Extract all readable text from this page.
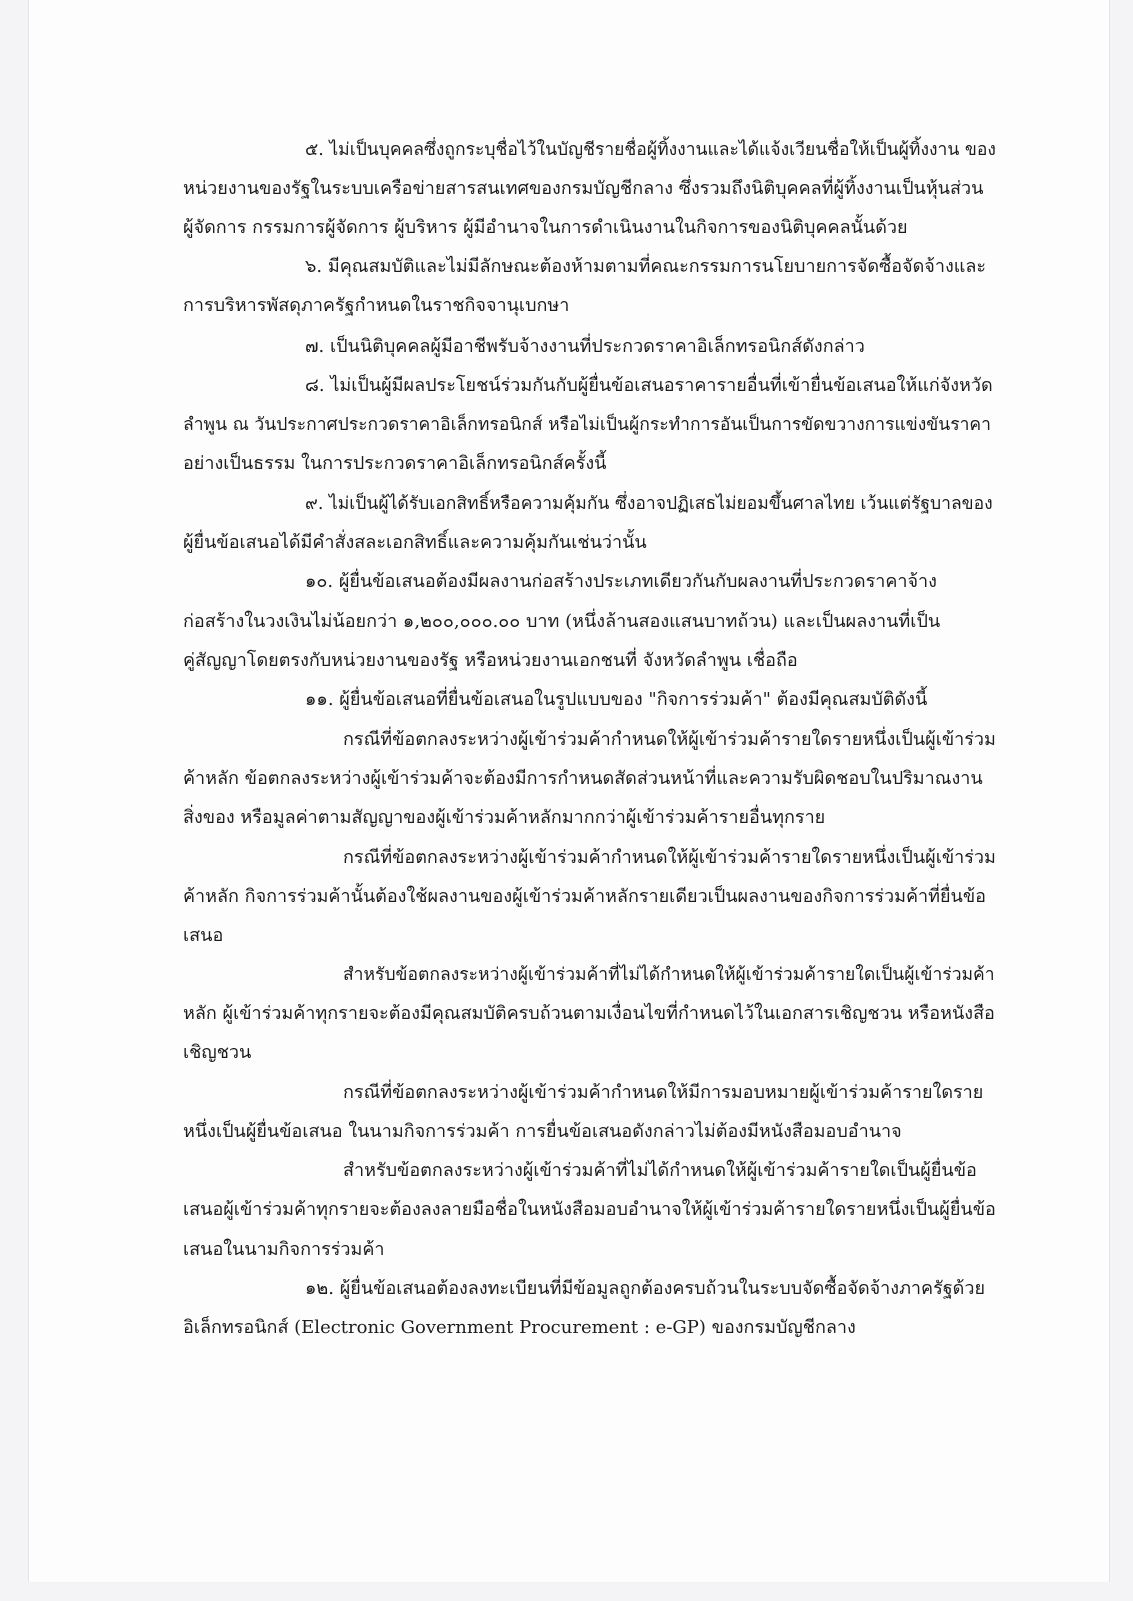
๕. ไม่เป็นบุคคลซึ่งถูกระบุชื่อไว้ในบัญชีรายชื่อผู้ทิ้งงานและได้แจ้งเวียนชื่อให้เป็นผู้ทิ้งงาน ของ
หน่วยงานของรัฐในระบบเครือข่ายสารสนเทศของกรมบัญชีกลาง ซึ่งรวมถึงนิติบุคคลที่ผู้ทิ้งงานเป็นหุ้นส่วน
ผู้จัดการ กรรมการผู้จัดการ ผู้บริหาร ผู้มีอำนาจในการดำเนินงานในกิจการของนิติบุคคลนั้นด้วย
๖. มีคุณสมบัติและไม่มีลักษณะต้องห้ามตามที่คณะกรรมการนโยบายการจัดซื้อจัดจ้างและ
การบริหารพัสดุภาครัฐกำหนดในราชกิจจานุเบกษา
๗. เป็นนิติบุคคลผู้มีอาชีพรับจ้างงานที่ประกวดราคาอิเล็กทรอนิกส์ดังกล่าว
๘. ไม่เป็นผู้มีผลประโยชน์ร่วมกันกับผู้ยื่นข้อเสนอราคารายอื่นที่เข้ายื่นข้อเสนอให้แก่จังหวัด
ลำพูน ณ วันประกาศประกวดราคาอิเล็กทรอนิกส์ หรือไม่เป็นผู้กระทำการอันเป็นการขัดขวางการแข่งขันราคา
อย่างเป็นธรรม ในการประกวดราคาอิเล็กทรอนิกส์ครั้งนี้
๙. ไม่เป็นผู้ได้รับเอกสิทธิ์หรือความคุ้มกัน ซึ่งอาจปฏิเสธไม่ยอมขึ้นศาลไทย เว้นแต่รัฐบาลของ
ผู้ยื่นข้อเสนอได้มีคำสั่งสละเอกสิทธิ์และความคุ้มกันเช่นว่านั้น
๑๐. ผู้ยื่นข้อเสนอต้องมีผลงานก่อสร้างประเภทเดียวกันกับผลงานที่ประกวดราคาจ้าง
ก่อสร้างในวงเงินไม่น้อยกว่า ๑,๒๐๐,๐๐๐.๐๐ บาท (หนึ่งล้านสองแสนบาทถ้วน) และเป็นผลงานที่เป็น
คู่สัญญาโดยตรงกับหน่วยงานของรัฐ หรือหน่วยงานเอกชนที่ จังหวัดลำพูน เชื่อถือ
๑๑. ผู้ยื่นข้อเสนอที่ยื่นข้อเสนอในรูปแบบของ "กิจการร่วมค้า" ต้องมีคุณสมบัติดังนี้
กรณีที่ข้อตกลงระหว่างผู้เข้าร่วมค้ากำหนดให้ผู้เข้าร่วมค้ารายใดรายหนึ่งเป็นผู้เข้าร่วม
ค้าหลัก ข้อตกลงระหว่างผู้เข้าร่วมค้าจะต้องมีการกำหนดสัดส่วนหน้าที่และความรับผิดชอบในปริมาณงาน
สิ่งของ หรือมูลค่าตามสัญญาของผู้เข้าร่วมค้าหลักมากกว่าผู้เข้าร่วมค้ารายอื่นทุกราย
กรณีที่ข้อตกลงระหว่างผู้เข้าร่วมค้ากำหนดให้ผู้เข้าร่วมค้ารายใดรายหนึ่งเป็นผู้เข้าร่วม
ค้าหลัก กิจการร่วมค้านั้นต้องใช้ผลงานของผู้เข้าร่วมค้าหลักรายเดียวเป็นผลงานของกิจการร่วมค้าที่ยื่นข้อ
เสนอ
สำหรับข้อตกลงระหว่างผู้เข้าร่วมค้าที่ไม่ได้กำหนดให้ผู้เข้าร่วมค้ารายใดเป็นผู้เข้าร่วมค้า
หลัก ผู้เข้าร่วมค้าทุกรายจะต้องมีคุณสมบัติครบถ้วนตามเงื่อนไขที่กำหนดไว้ในเอกสารเชิญชวน หรือหนังสือ
เชิญชวน
กรณีที่ข้อตกลงระหว่างผู้เข้าร่วมค้ากำหนดให้มีการมอบหมายผู้เข้าร่วมค้ารายใดราย
หนึ่งเป็นผู้ยื่นข้อเสนอ ในนามกิจการร่วมค้า การยื่นข้อเสนอดังกล่าวไม่ต้องมีหนังสือมอบอำนาจ
สำหรับข้อตกลงระหว่างผู้เข้าร่วมค้าที่ไม่ได้กำหนดให้ผู้เข้าร่วมค้ารายใดเป็นผู้ยื่นข้อ
เสนอผู้เข้าร่วมค้าทุกรายจะต้องลงลายมือชื่อในหนังสือมอบอำนาจให้ผู้เข้าร่วมค้ารายใดรายหนึ่งเป็นผู้ยื่นข้อ
เสนอในนามกิจการร่วมค้า
๑๒. ผู้ยื่นข้อเสนอต้องลงทะเบียนที่มีข้อมูลถูกต้องครบถ้วนในระบบจัดซื้อจัดจ้างภาครัฐด้วย
อิเล็กทรอนิกส์ (Electronic Government Procurement : e-GP) ของกรมบัญชีกลาง
